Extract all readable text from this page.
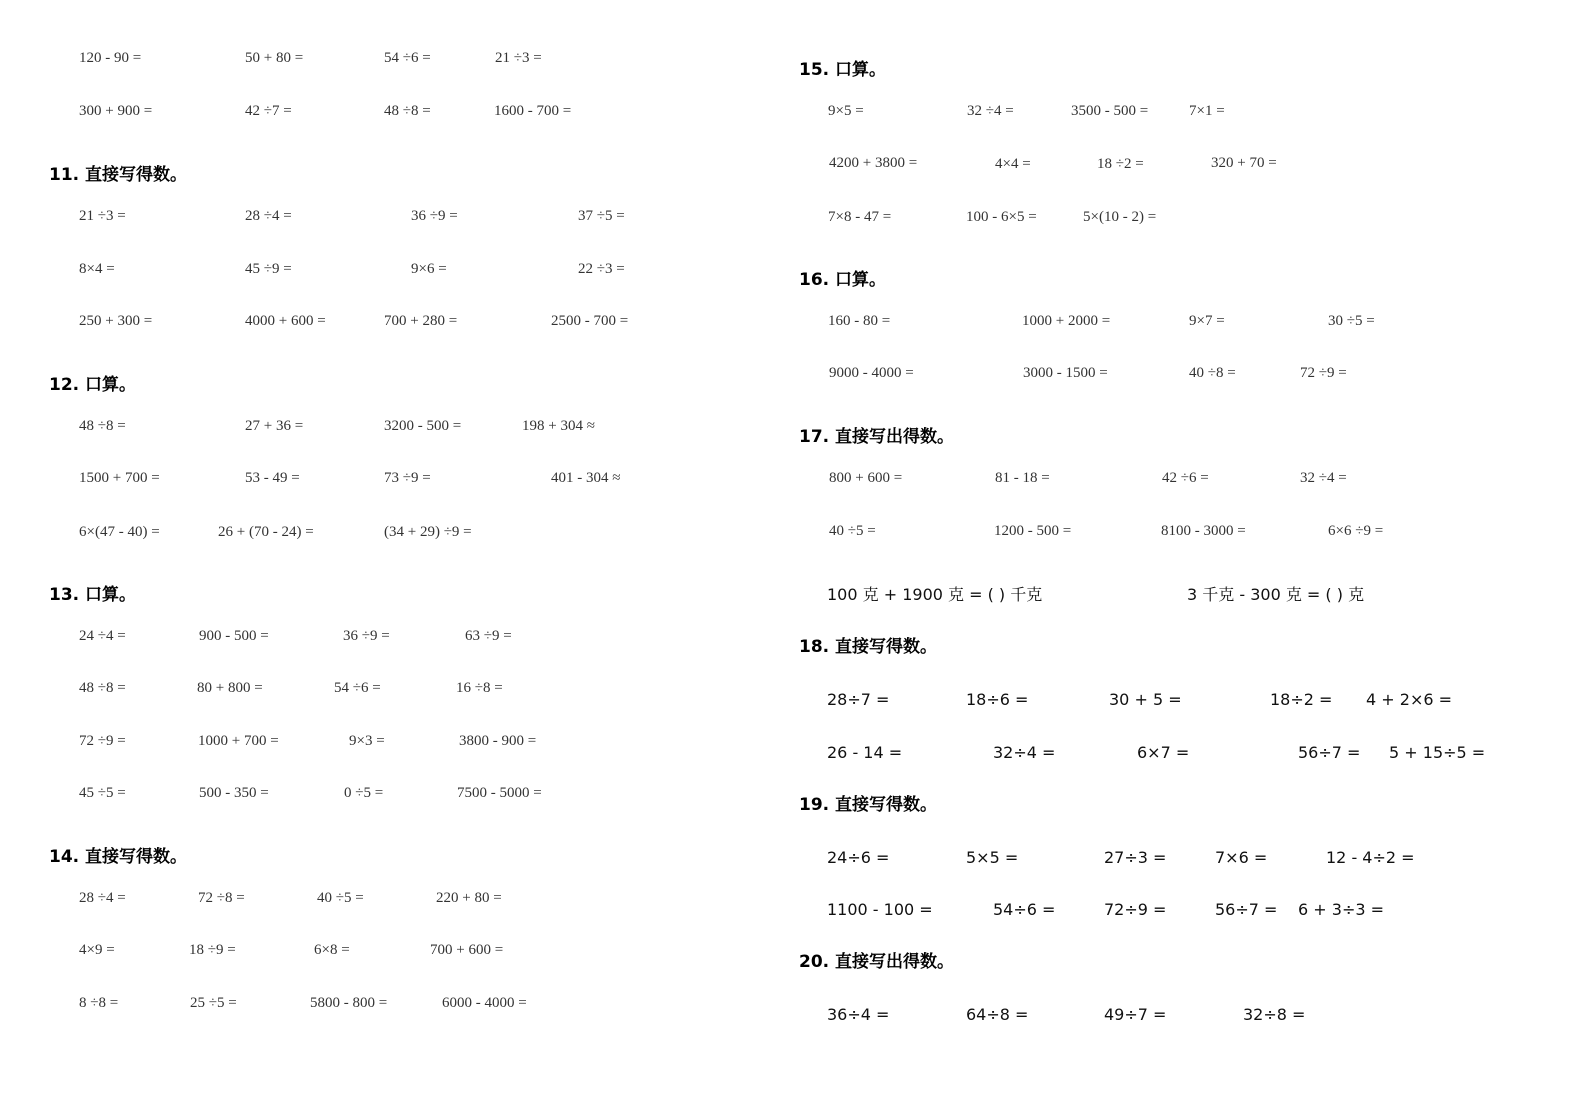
120 - 90 =	50 + 80 =	54 ÷6 =	21 ÷3 =
300 + 900 =	42 ÷7 =	48 ÷8 =	1600 - 700 =
11. 直接写得数。
21 ÷3 =	28 ÷4 =	36 ÷9 =	37 ÷5 =
8×4 =	45 ÷9 =	9×6 =	22 ÷3 =
250 + 300 =	4000 + 600 =	700 + 280 =	2500 - 700 =
12. 口算。
48 ÷8 =	27 + 36 =	3200 - 500 =	198 + 304 ≈
1500 + 700 =	53 - 49 =	73 ÷9 =	401 - 304 ≈
6×(47 - 40) =	26 + (70 - 24) =	(34 + 29) ÷9 =
13. 口算。
24 ÷4 =	900 - 500 =	36 ÷9 =	63 ÷9 =
48 ÷8 =	80 + 800 =	54 ÷6 =	16 ÷8 =
72 ÷9 =	1000 + 700 =	9×3 =	3800 - 900 =
45 ÷5 =	500 - 350 =	0 ÷5 =	7500 - 5000 =
14. 直接写得数。
28 ÷4 =	72 ÷8 =	40 ÷5 =	220 + 80 =
4×9 =	18 ÷9 =	6×8 =	700 + 600 =
8 ÷8 =	25 ÷5 =	5800 - 800 =	6000 - 4000 =
15. 口算。
9×5 =	32 ÷4 =	3500 - 500 =	7×1 =
4200 + 3800 =	4×4 =	18 ÷2 =	320 + 70 =
7×8 - 47 =	100 - 6×5 =	5×(10 - 2) =
16. 口算。
160 - 80 =	1000 + 2000 =	9×7 =	30 ÷5 =
9000 - 4000 =	3000 - 1500 =	40 ÷8 =	72 ÷9 =
17. 直接写出得数。
800 + 600 =	81 - 18 =	42 ÷6 =	32 ÷4 =
40 ÷5 =	1200 - 500 =	8100 - 3000 =	6×6 ÷9 =
100 克 + 1900 克 = ( ) 千克	3 千克 - 300 克 = ( ) 克
18. 直接写得数。
28÷7 =	18÷6 =	30 + 5 =	18÷2 = 4 + 2×6 =
26 - 14 =	32÷4 =	6×7 =	56÷7 = 5 + 15÷5 =
19. 直接写得数。
24÷6 =	5×5 =	27÷3 =	7×6 =	12 - 4÷2 =
1100 - 100 =	54÷6 =	72÷9 =	56÷7 = 6 + 3÷3 =
20. 直接写出得数。
36÷4 =	64÷8 =	49÷7 =	32÷8 =
